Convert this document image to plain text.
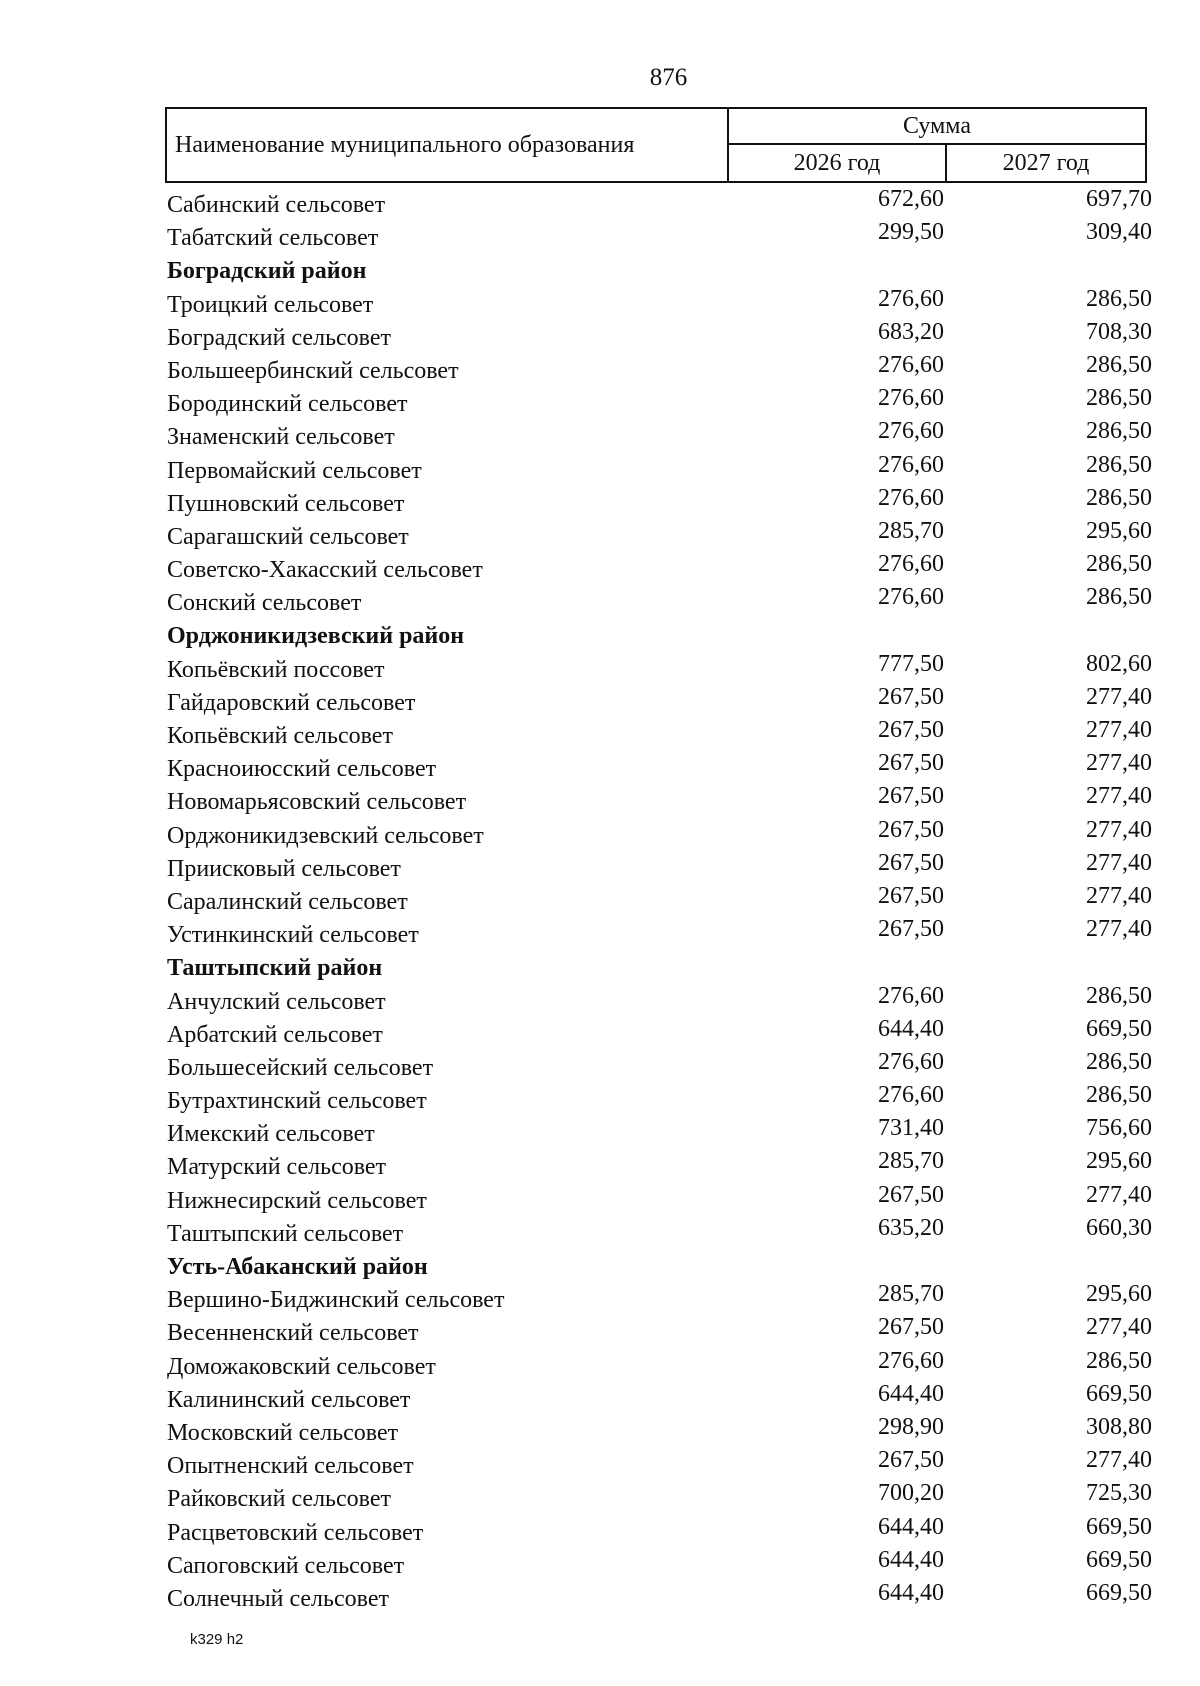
876
Наименование муниципального образования
Сумма
2026 год	2027 год
Сабинский сельсовет	672,60	697,70
Табатский сельсовет	299,50	309,40
Боградский район
Троицкий сельсовет	276,60	286,50
Боградский сельсовет	683,20	708,30
Большеербинский сельсовет	276,60	286,50
Бородинский сельсовет	276,60	286,50
Знаменский сельсовет	276,60	286,50
Первомайский сельсовет	276,60	286,50
Пушновский сельсовет	276,60	286,50
Сарагашский сельсовет	285,70	295,60
Советско-Хакасский сельсовет	276,60	286,50
Сонский сельсовет	276,60	286,50
Орджоникидзевский район
Копьёвский поссовет	777,50	802,60
Гайдаровский сельсовет	267,50	277,40
Копьёвский сельсовет	267,50	277,40
Красноиюсский сельсовет	267,50	277,40
Новомарьясовский сельсовет	267,50	277,40
Орджоникидзевский сельсовет	267,50	277,40
Приисковый сельсовет	267,50	277,40
Саралинский сельсовет	267,50	277,40
Устинкинский сельсовет	267,50	277,40
Таштыпский район
Анчулский сельсовет	276,60	286,50
Арбатский сельсовет	644,40	669,50
Большесейский сельсовет	276,60	286,50
Бутрахтинский сельсовет	276,60	286,50
Имекский сельсовет	731,40	756,60
Матурский сельсовет	285,70	295,60
Нижнесирский сельсовет	267,50	277,40
Таштыпский сельсовет	635,20	660,30
Усть-Абаканский район
Вершино-Биджинский сельсовет	285,70	295,60
Весенненский сельсовет	267,50	277,40
Доможаковский сельсовет	276,60	286,50
Калининский сельсовет	644,40	669,50
Московский сельсовет	298,90	308,80
Опытненский сельсовет	267,50	277,40
Райковский сельсовет	700,20	725,30
Расцветовский сельсовет	644,40	669,50
Сапоговский сельсовет	644,40	669,50
Солнечный сельсовет	644,40	669,50
k329 h2
